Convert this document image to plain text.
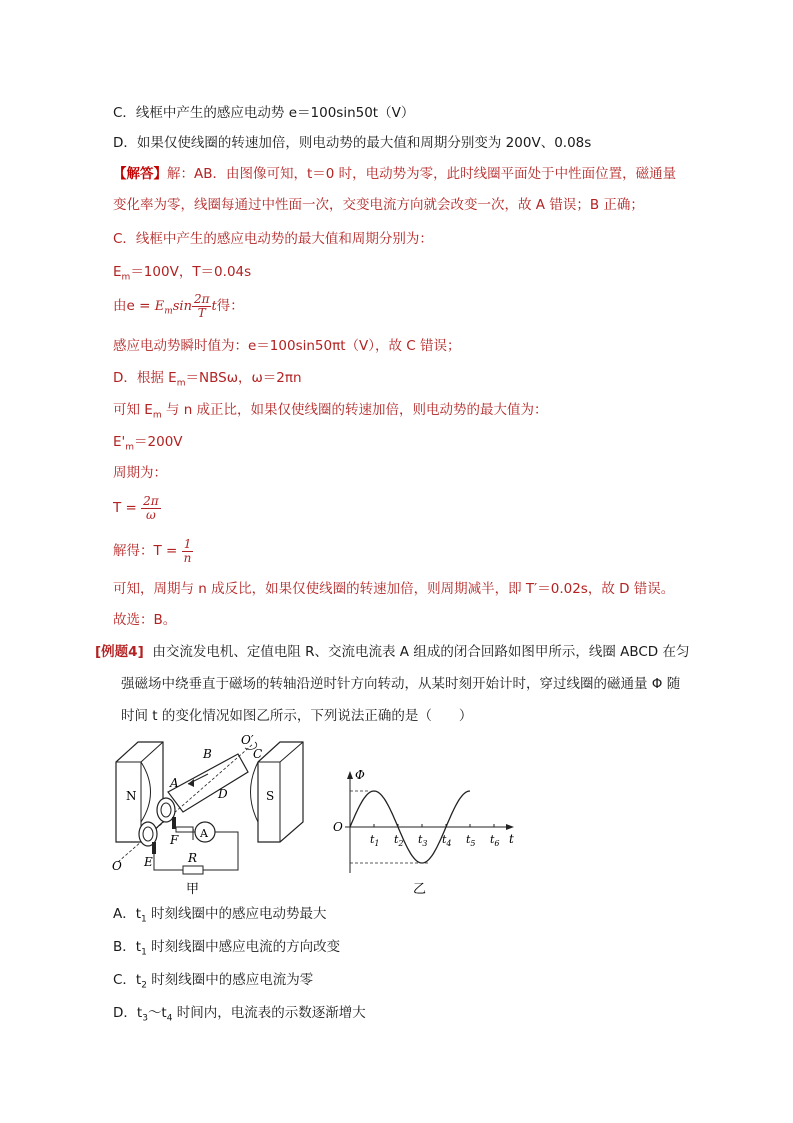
C．线框中产生的感应电动势 e＝100sin50t（V）
D．如果仅使线圈的转速加倍，则电动势的最大值和周期分别变为 200V、0.08s
【解答】解：AB．由图像可知，t＝0 时，电动势为零，此时线圈平面处于中性面位置，磁通量
变化率为零，线圈每通过中性面一次，交变电流方向就会改变一次，故 A 错误；B 正确；
C．线框中产生的感应电动势的最大值和周期分别为：
$E_m=100V$，T＝0.04s
由$e = E_m\sin \frac{2\pi}{T}$ t得：
感应电动势瞬时值为：e＝100sin50πt（V），故 C 错误；
D．根据 $E_m=NBS\omega$，ω＝2πn
可知 $E_m$ 与 n 成正比，如果仅使线圈的转速加倍，则电动势的最大值为：
$E'_m=200V$
周期为：
$T = \frac{2\pi}{\omega}$
解得：$T = \frac{1}{n}$
可知，周期与 n 成反比，如果仅使线圈的转速加倍，则周期减半，即 T′＝0.02s，故 D 错误。
故选：B。
[例题4] 由交流发电机、定值电阻 R、交流电流表 A 组成的闭合回路如图甲所示，线圈 ABCD 在匀
强磁场中绕垂直于磁场的转轴沿逆时针方向转动，从某时刻开始计时，穿过线圈的磁通量 Φ 随
时间 t 的变化情况如图乙所示，下列说法正确的是（　　）
N	S
A
B	C
A
D
F
E	R
O
O′
甲
O
Φ
t
$t_1$ $t_2$ $t_3$ $t_4$ $t_5$ $t_6$
乙
A．$t_1$ 时刻线圈中的感应电动势最大
B．$t_1$ 时刻线圈中感应电流的方向改变
C．$t_2$ 时刻线圈中的感应电流为零
D．$t_3\sim t_4$ 时间内，电流表的示数逐渐增大
